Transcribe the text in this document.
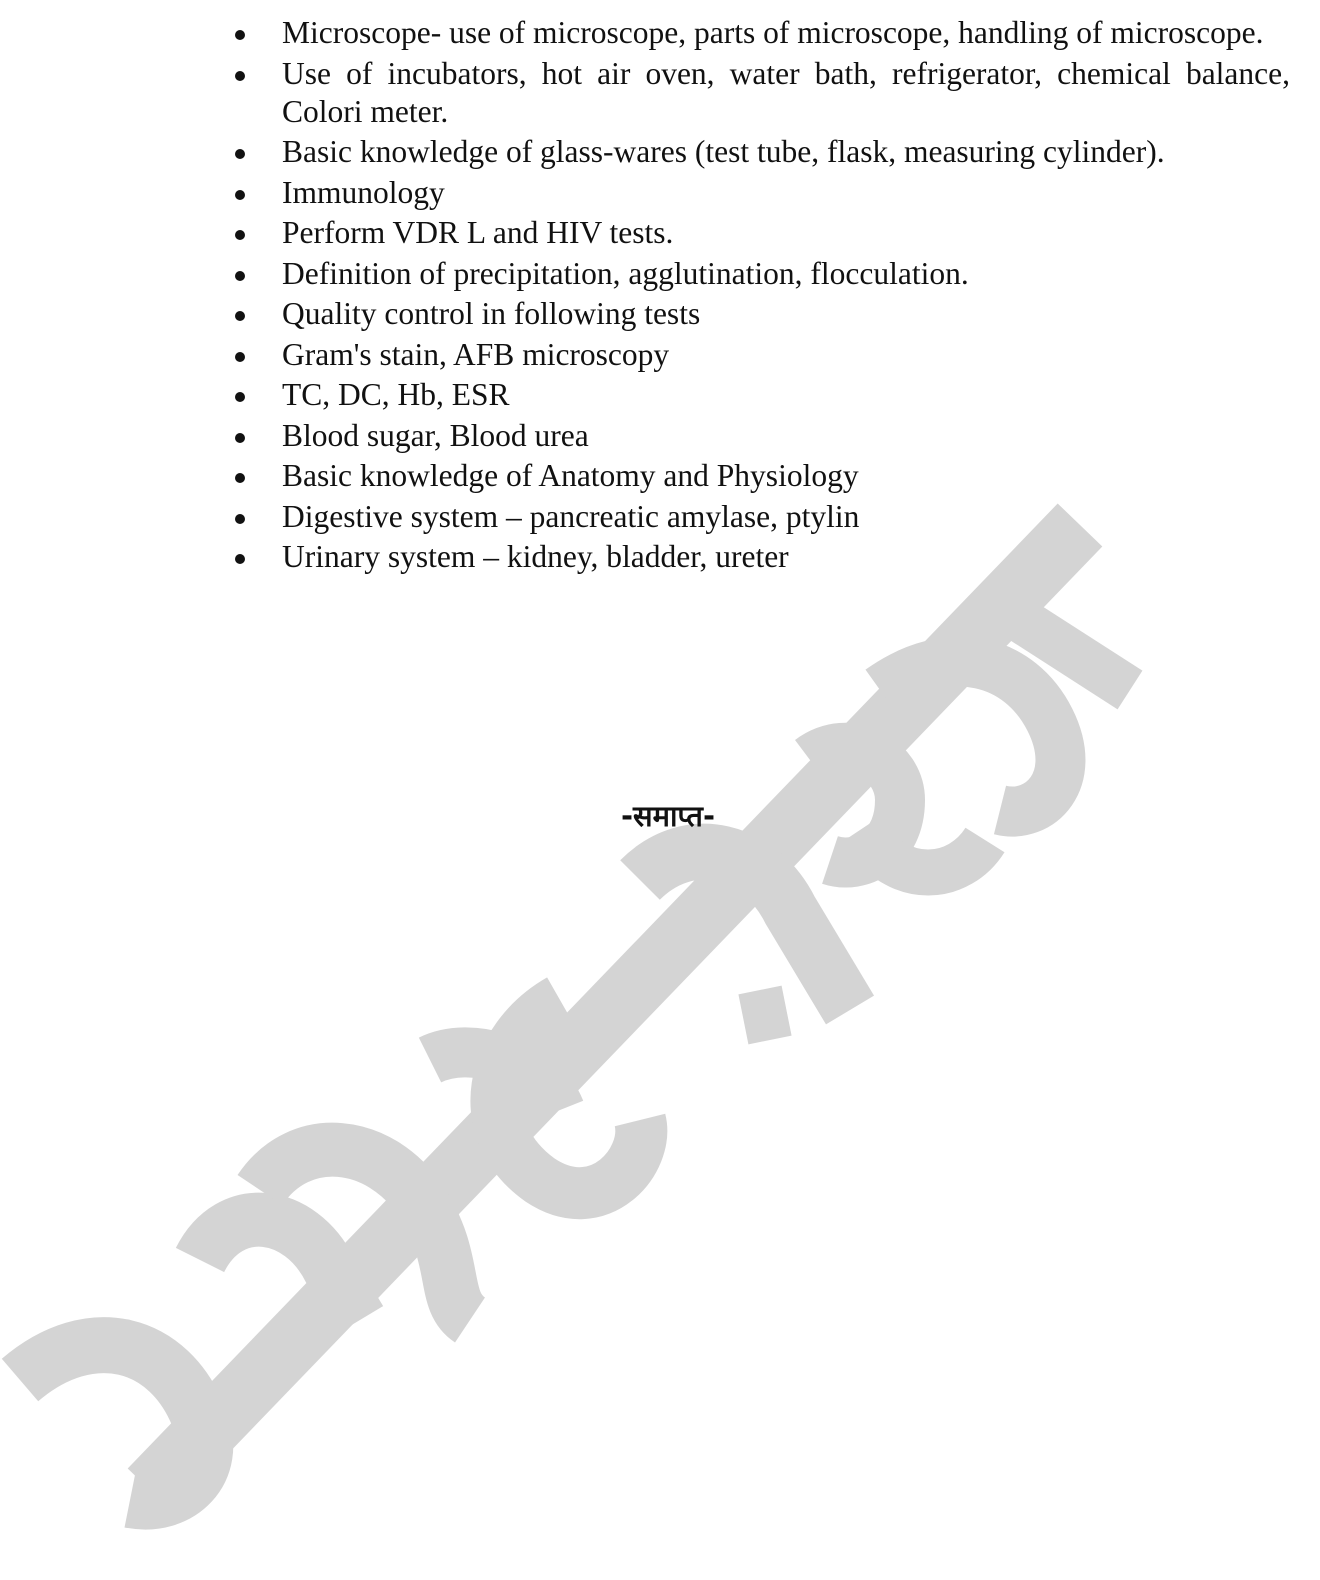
Microscope- use of microscope, parts of microscope, handling of microscope.
Use of incubators, hot air oven, water bath, refrigerator, chemical balance, Colori meter.
Basic knowledge of glass-wares (test tube, flask, measuring cylinder).
Immunology
Perform VDR L and HIV tests.
Definition of precipitation, agglutination, flocculation.
Quality control in following tests
Gram's stain, AFB microscopy
TC, DC, Hb, ESR
Blood sugar, Blood urea
Basic knowledge of Anatomy and Physiology
Digestive system – pancreatic amylase, ptylin
Urinary system – kidney, bladder, ureter
-समाप्त-
